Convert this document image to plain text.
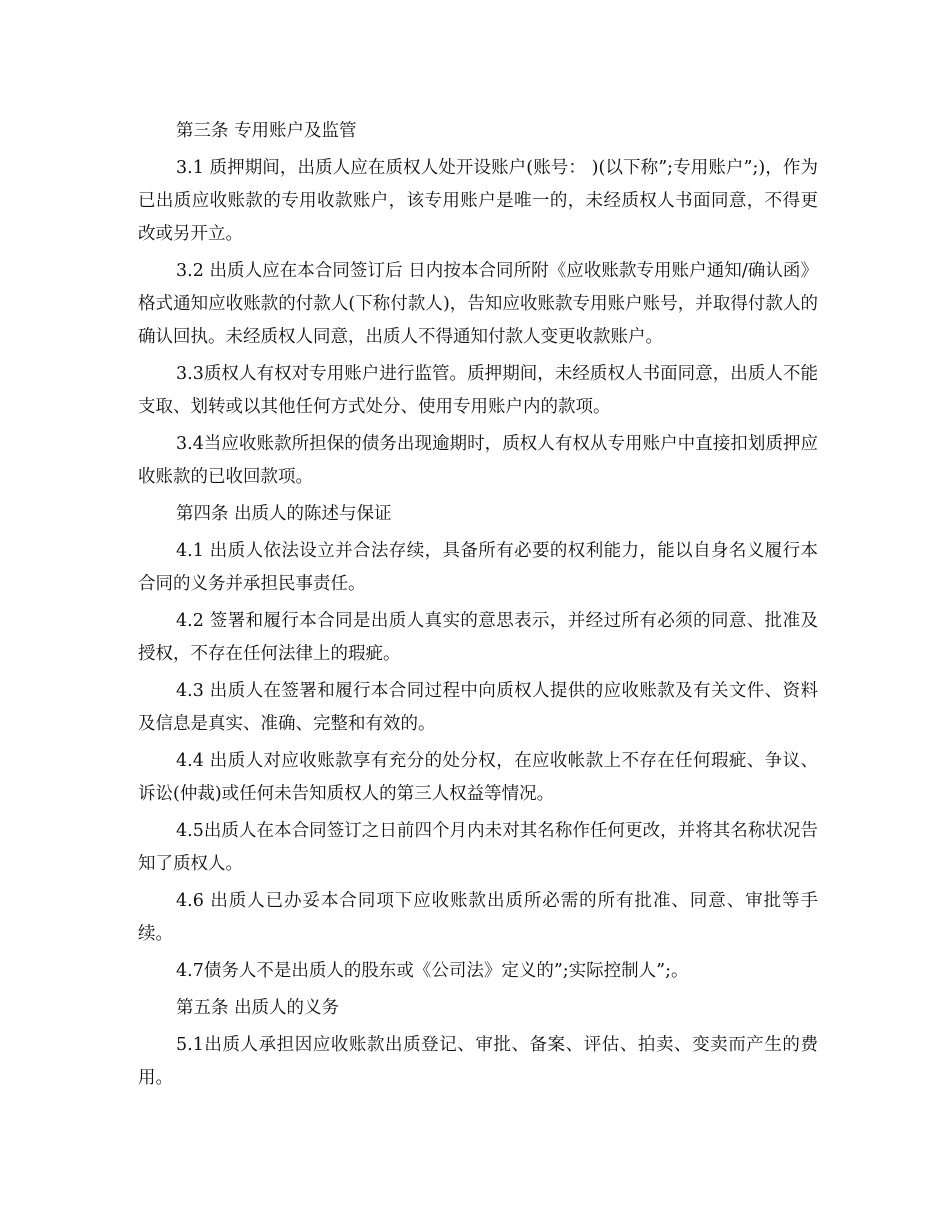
第三条 专用账户及监管

3.1 质押期间，出质人应在质权人处开设账户(账号： )(以下称”;专用账户”;)，作为已出质应收账款的专用收款账户，该专用账户是唯一的，未经质权人书面同意，不得更改或另开立。

3.2 出质人应在本合同签订后 日内按本合同所附《应收账款专用账户通知/确认函》格式通知应收账款的付款人(下称付款人)，告知应收账款专用账户账号，并取得付款人的确认回执。未经质权人同意，出质人不得通知付款人变更收款账户。

3.3质权人有权对专用账户进行监管。质押期间，未经质权人书面同意，出质人不能支取、划转或以其他任何方式处分、使用专用账户内的款项。

3.4当应收账款所担保的债务出现逾期时，质权人有权从专用账户中直接扣划质押应收账款的已收回款项。

第四条 出质人的陈述与保证

4.1 出质人依法设立并合法存续，具备所有必要的权利能力，能以自身名义履行本合同的义务并承担民事责任。

4.2 签署和履行本合同是出质人真实的意思表示，并经过所有必须的同意、批准及授权，不存在任何法律上的瑕疵。

4.3 出质人在签署和履行本合同过程中向质权人提供的应收账款及有关文件、资料及信息是真实、准确、完整和有效的。

4.4 出质人对应收账款享有充分的处分权，在应收帐款上不存在任何瑕疵、争议、诉讼(仲裁)或任何未告知质权人的第三人权益等情况。

4.5出质人在本合同签订之日前四个月内未对其名称作任何更改，并将其名称状况告知了质权人。

4.6 出质人已办妥本合同项下应收账款出质所必需的所有批准、同意、审批等手续。

4.7债务人不是出质人的股东或《公司法》定义的”;实际控制人”;。

第五条 出质人的义务

5.1出质人承担因应收账款出质登记、审批、备案、评估、拍卖、变卖而产生的费用。
